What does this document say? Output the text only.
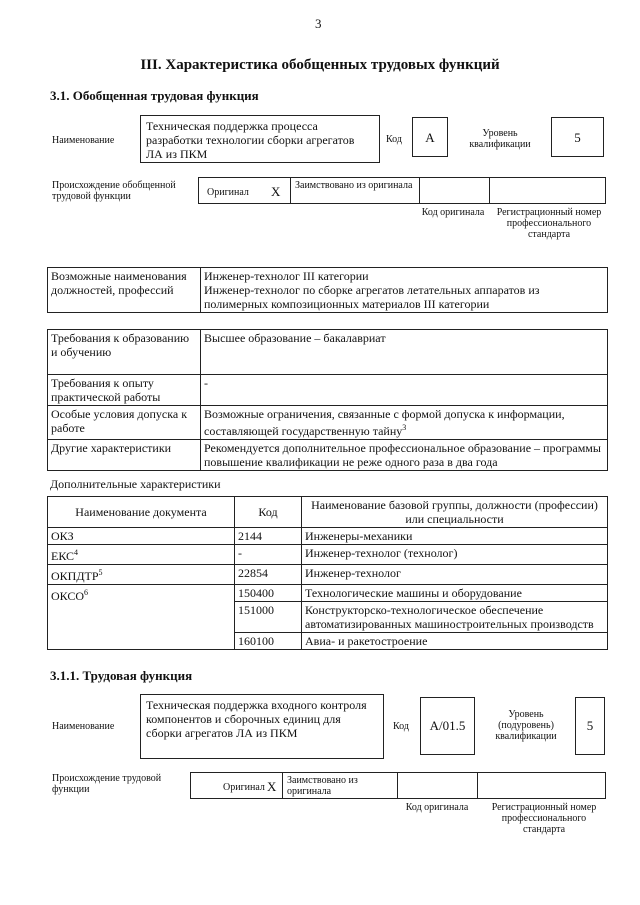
3
III. Характеристика обобщенных трудовых функций
3.1. Обобщенная трудовая функция
Наименование
Техническая поддержка процесса разработки технологии сборки агрегатов ЛА из ПКМ
Код	А	Уровень квалификации	5
Происхождение обобщенной трудовой функции	Оригинал X Заимствовано из оригинала
Код оригинала	Регистрационный номер профессионального стандарта
Возможные наименования должностей, профессий	
Инженер-технолог III категории
Инженер-технолог по сборке агрегатов летательных аппаратов из полимерных композиционных материалов III категории
Требования к образованию и обучению	Высшее образование – бакалавриат
Требования к опыту практической работы	-
Особые условия допуска к работе	Возможные ограничения, связанные с формой допуска к информации, составляющей государственную тайну$^3$
Другие характеристики	Рекомендуется дополнительное профессиональное образование – программы повышение квалификации не реже одного раза в два года
Дополнительные характеристики
Наименование документа	Код	Наименование базовой группы, должности (профессии) или специальности
ОКЗ	2144	Инженеры-механики
ЕКС$^4$	-	Инженер-технолог (технолог)
ОКПДТР$^5$	22854	Инженер-технолог
ОКСО$^6$	150400	Технологические машины и оборудование
	151000	Конструкторско-технологическое обеспечение автоматизированных машиностроительных производств
	160100	Авиа- и ракетостроение
3.1.1. Трудовая функция
Наименование
Техническая поддержка входного контроля компонентов и сборочных единиц для сборки агрегатов ЛА из ПКМ	Код	А/01.5
Уровень (подуровень) квалификации
5
Происхождение трудовой функции	Оригинал X Заимствовано из оригинала
Код оригинала	Регистрационный номер профессионального стандарта
